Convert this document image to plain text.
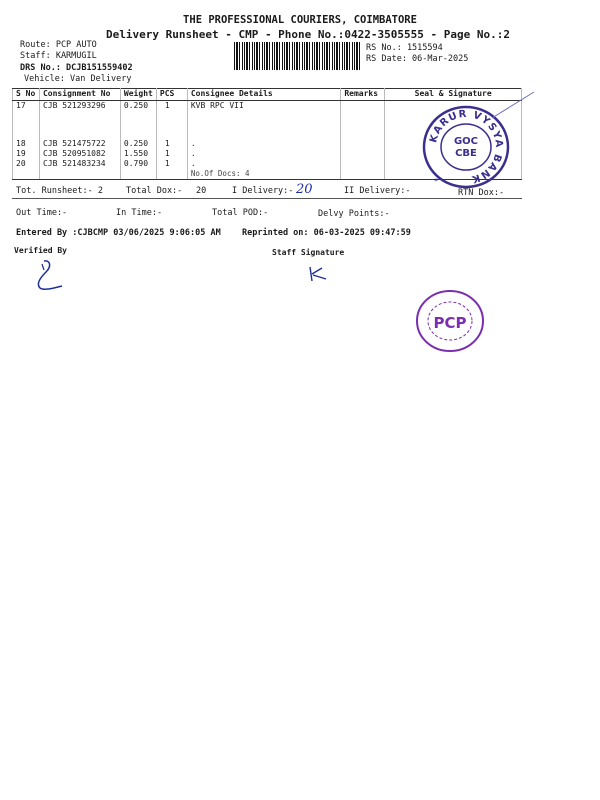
THE PROFESSIONAL COURIERS, COIMBATORE
Delivery Runsheet - CMP - Phone No.:0422-3505555 - Page No.:2
Route: PCP AUTO
Staff: KARMUGIL
DRS No.: DCJB151559402
Vehicle: Van Delivery
RS No.: 1515594
RS Date: 06-Mar-2025
S No	Consignment No	Weight	PCS	Consignee Details	Remarks	Seal & Signature
17	CJB 521293296	0.250	1	KVB RPC VII		

18	CJB 521475722	0.250	1	.		
19	CJB 520951082	1.550	1	.		
20	CJB 521483234	0.790	1	.		
				No.Of Docs: 4		
KARUR VYSYA BANK
GOC
CBE
*
Tot. Runsheet:- 2	Total Dox:- 20	I Delivery:- 20	II Delivery:-	RTN Dox:-
Out Time:-	In Time:-	Total POD:-	Delvy Points:-
Entered By :CJBCMP 03/06/2025 9:06:05 AM	Reprinted on: 06-03-2025 09:47:59
Verified By	Staff Signature
PCP
